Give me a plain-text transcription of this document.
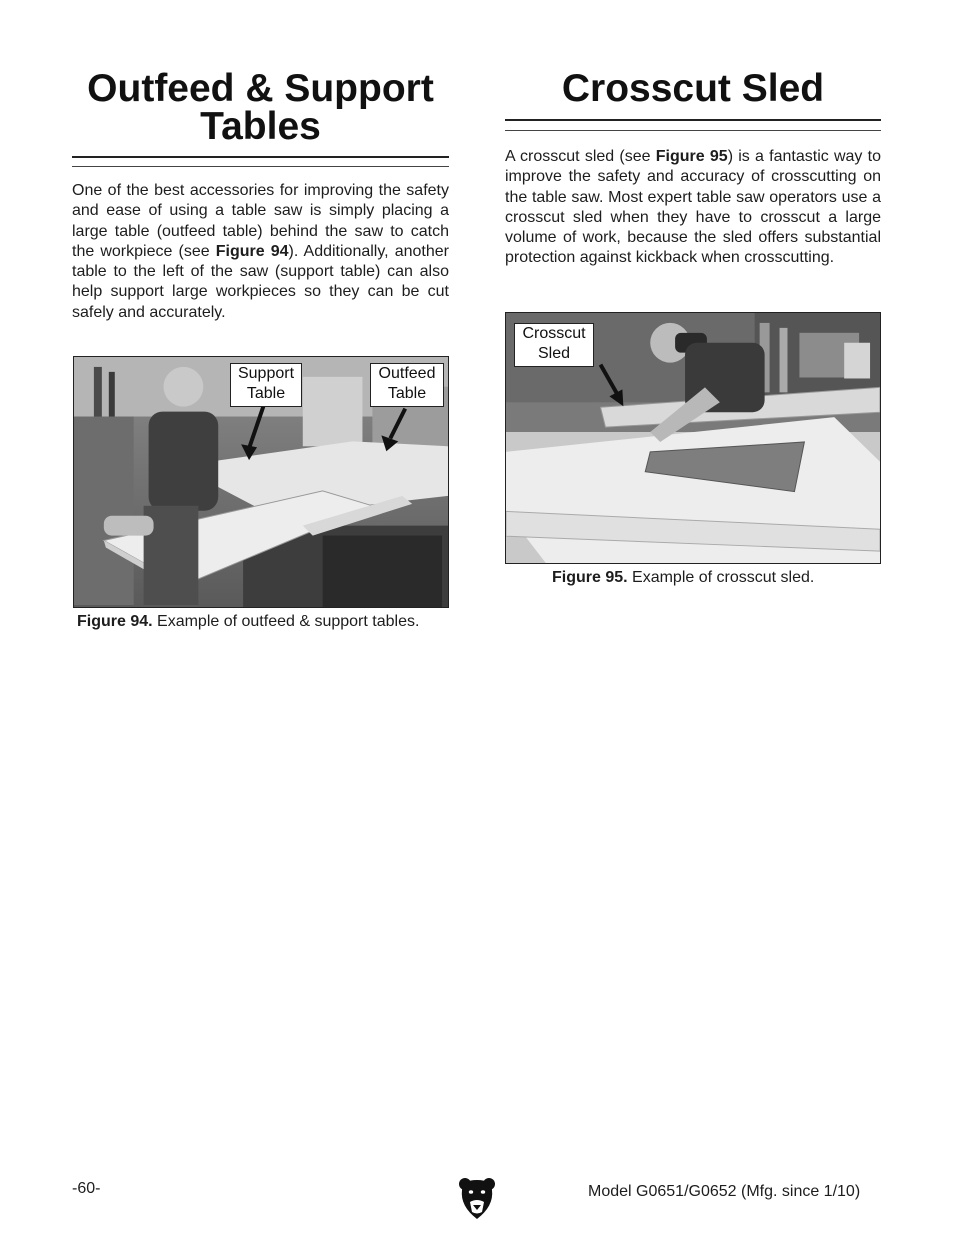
Outfeed & Support
Tables

One of the best accessories for improving the safety and ease of using a table saw is simply placing a large table (outfeed table) behind the saw to catch the workpiece (see Figure 94). Additionally, another table to the left of the saw (support table) can also help support large workpieces so they can be cut safely and accurately.

Support
Table
Outfeed
Table
Figure 94. Example of outfeed & support tables.
Crosscut Sled

A crosscut sled (see Figure 95) is a fantastic way to improve the safety and accuracy of crosscutting on the table saw. Most expert table saw operators use a crosscut sled when they have to crosscut a large volume of work, because the sled offers substantial protection against kickback when crosscutting.

Crosscut
Sled
Figure 95. Example of crosscut sled.
-60-	Model G0651/G0652 (Mfg. since 1/10)
